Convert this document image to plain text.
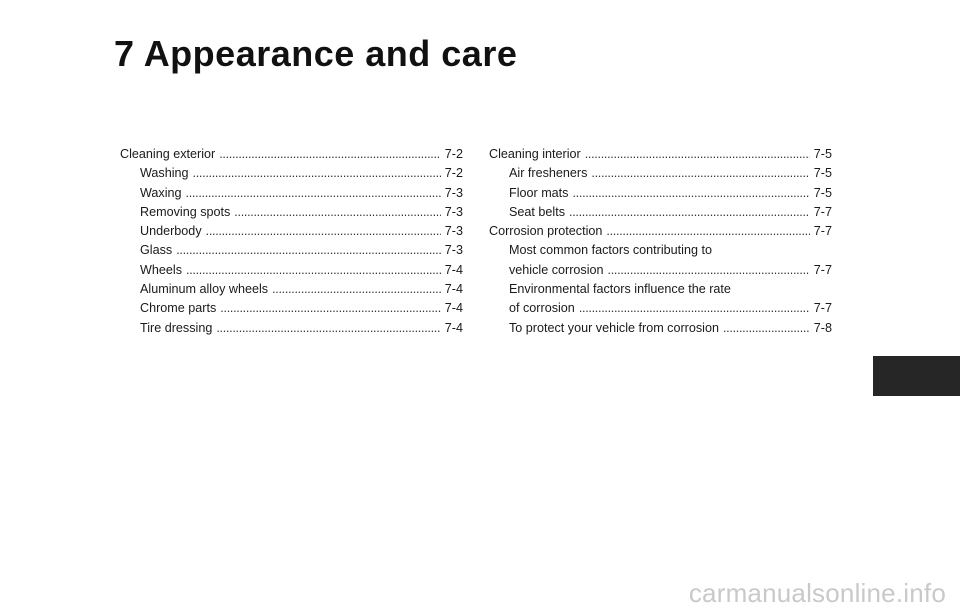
7 Appearance and care
Cleaning exterior . . .	7-2
Washing . . .	7-2
Waxing . . .	7-3
Removing spots . . .	7-3
Underbody . . .	7-3
Glass . . .	7-3
Wheels . . .	7-4
Aluminum alloy wheels . . .	7-4
Chrome parts . . .	7-4
Tire dressing . . .	7-4
Cleaning interior . . .	7-5
Air fresheners . . .	7-5
Floor mats . . .	7-5
Seat belts . . .	7-7
Corrosion protection . . .	7-7
Most common factors contributing to
vehicle corrosion . . .	7-7
Environmental factors influence the rate
of corrosion . . .	7-7
To protect your vehicle from corrosion . . .	7-8
carmanualsonline.info
